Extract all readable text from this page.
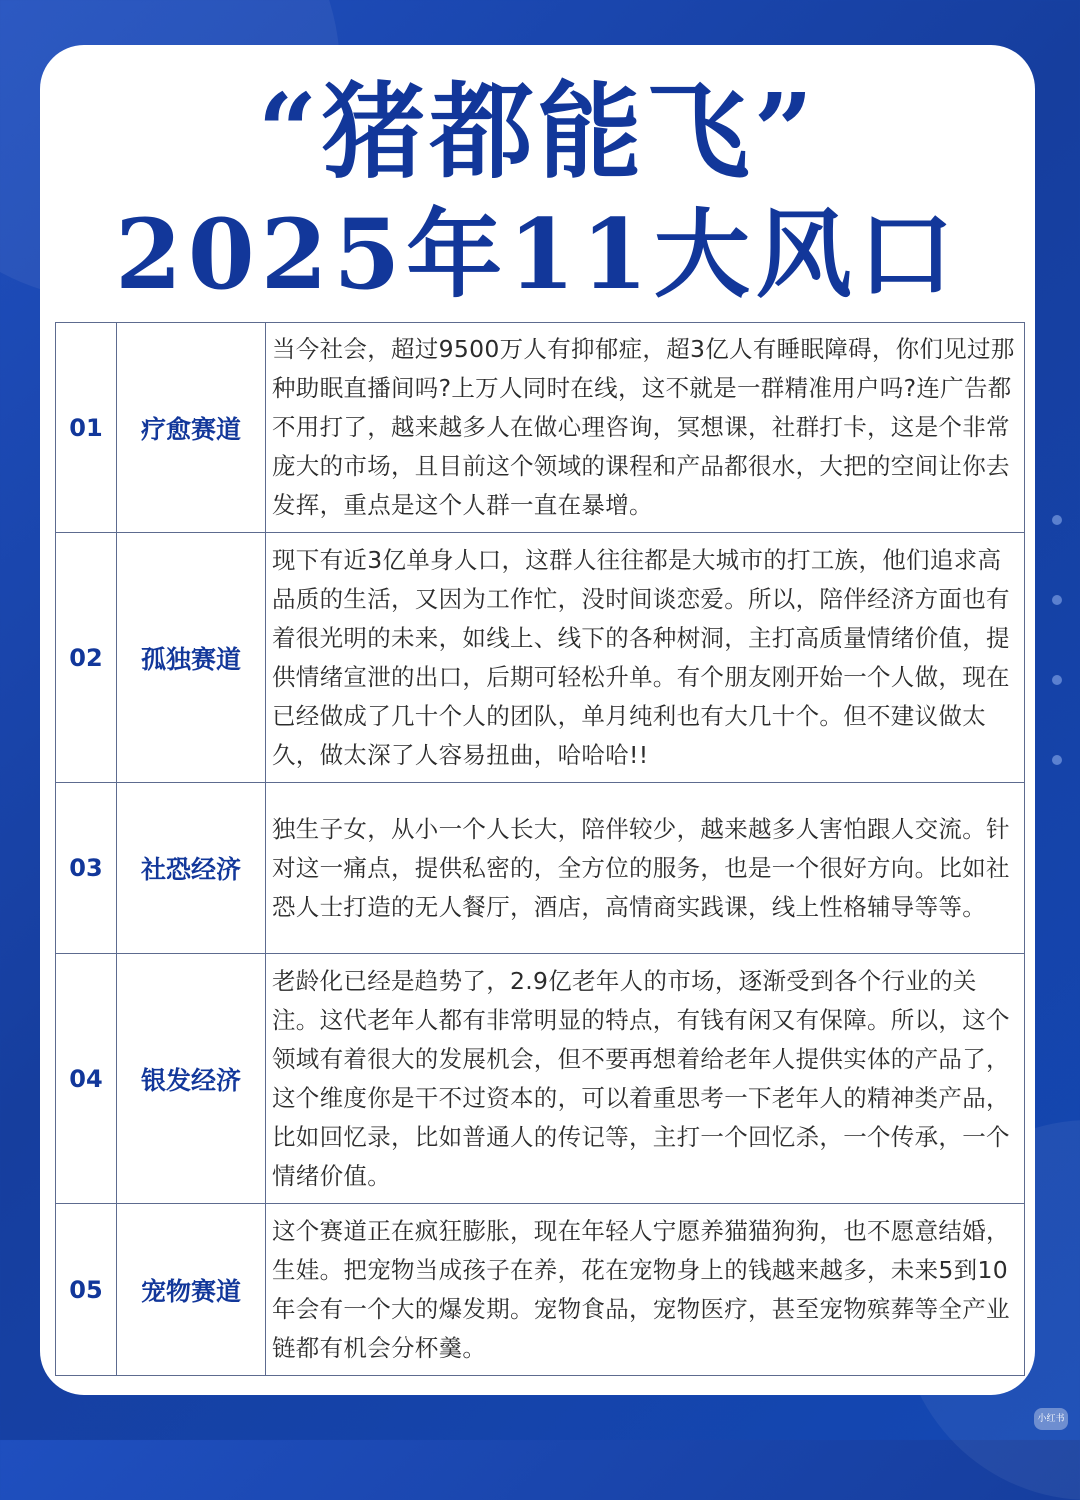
“猪都能飞”
2025年11大风口
01	疗愈赛道	当今社会，超过9500万人有抑郁症，超3亿人有睡眠障碍，你们见过那种助眠直播间吗?上万人同时在线，这不就是一群精准用户吗?连广告都不用打了，越来越多人在做心理咨询，冥想课，社群打卡，这是个非常庞大的市场，且目前这个领域的课程和产品都很水，大把的空间让你去发挥，重点是这个人群一直在暴增。
02	孤独赛道	现下有近3亿单身人口，这群人往往都是大城市的打工族，他们追求高品质的生活，又因为工作忙，没时间谈恋爱。所以，陪伴经济方面也有着很光明的未来，如线上、线下的各种树洞，主打高质量情绪价值，提供情绪宣泄的出口，后期可轻松升单。有个朋友刚开始一个人做，现在已经做成了几十个人的团队，单月纯利也有大几十个。但不建议做太久，做太深了人容易扭曲，哈哈哈!!
03	社恐经济	独生子女，从小一个人长大，陪伴较少，越来越多人害怕跟人交流。针对这一痛点，提供私密的，全方位的服务，也是一个很好方向。比如社恐人士打造的无人餐厅，酒店，高情商实践课，线上性格辅导等等。
04	银发经济	老龄化已经是趋势了，2.9亿老年人的市场，逐渐受到各个行业的关注。这代老年人都有非常明显的特点，有钱有闲又有保障。所以，这个领域有着很大的发展机会，但不要再想着给老年人提供实体的产品了，这个维度你是干不过资本的，可以着重思考一下老年人的精神类产品，比如回忆录，比如普通人的传记等，主打一个回忆杀，一个传承，一个情绪价值。
05	宠物赛道	这个赛道正在疯狂膨胀，现在年轻人宁愿养猫猫狗狗，也不愿意结婚，生娃。把宠物当成孩子在养，花在宠物身上的钱越来越多，未来5到10年会有一个大的爆发期。宠物食品，宠物医疗，甚至宠物殡葬等全产业链都有机会分杯羹。
小红书
